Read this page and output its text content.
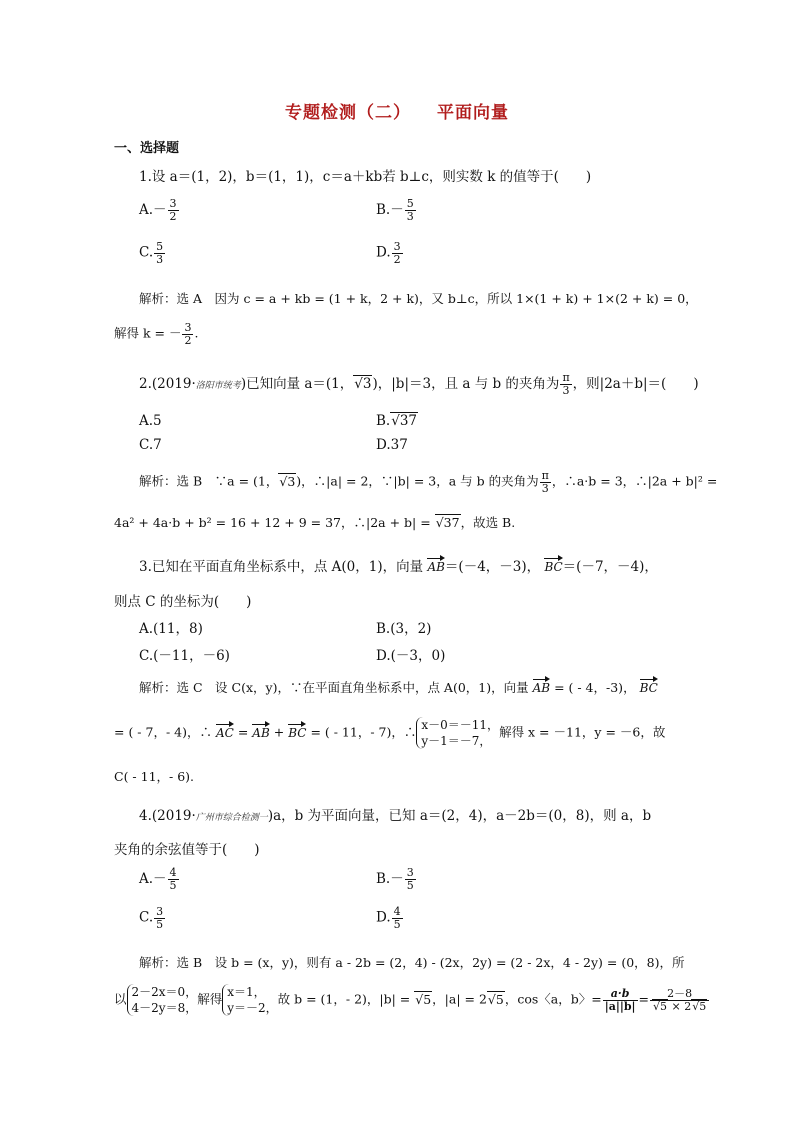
专题检测（二） 平面向量
一、选择题
1.设 a＝(1，2)，b＝(1，1)，c＝a＋kb若 b⊥c，则实数 k 的值等于(　　)
$A.- \frac{3}{2}$	$B.- \frac{5}{3}$
C. $\frac{5}{3}$	D. $\frac{3}{2}$
解析：选 A　因为 c = a + kb = (1 + k，2 + k)，又 b⊥c，所以 1×(1 + k) + 1×(2 + k) = 0，
解得 k = － $\frac{3}{2}$ .
2.(2019·洛阳市统考)已知向量 a＝(1， √ 3)，|b|＝3，且 a 与 b 的夹角为 $\frac{\pi}{3}$ ，则|2a＋b|＝(　　)
A.5	B. √ 37
C.7	D.37
解析：选 B　∵a = (1， √ 3)，∴|a| = 2，∵|b| = 3，a 与 b 的夹角为 $\frac{\pi}{3}$ ，∴a·b = 3，∴|2a + b|² =
4a² + 4a·b + b² = 16 + 12 + 9 = 37，∴|2a + b| = √ 37，故选 B.
3.已知在平面直角坐标系中，点 A(0，1)，向量 AB＝(－4，－3)， BC＝(－7，－4)，
则点 C 的坐标为(　　)
A.(11，8)	B.(3，2)
C.(－11，－6)	D.(－3，0)
解析：选 C　设 C(x，y)，∵在平面直角坐标系中，点 A(0，1)，向量 AB = ( - 4，-3)， BC
= ( - 7，- 4)，∴ AC = AB + BC = ( - 11，- 7)，∴ x－0＝－11，
y－1＝－7，
解得 x = －11，y = －6，故
C( - 11，- 6).
4.(2019·广州市综合检测一)a，b 为平面向量，已知 a＝(2，4)，a－2b＝(0，8)，则 a，b
夹角的余弦值等于(　　)
$A.- \frac{4}{5}$	$B.- \frac{3}{5}$
C. $\frac{3}{5}$	D. $\frac{4}{5}$
解析：选 B　设 b = (x，y)，则有 a - 2b = (2，4) - (2x，2y) = (2 - 2x，4 - 2y) = (0，8)，所
以 2－2x＝0，
4－2y＝8，
解得 x＝1，
y＝－2，
故 b = (1，- 2)，|b| = √ 5，|a| = 2 √ 5，cos〈a，b〉= $\frac{a\cdot b}{|a||b|} = 2-8$
√ 5 × 2 √ 5
